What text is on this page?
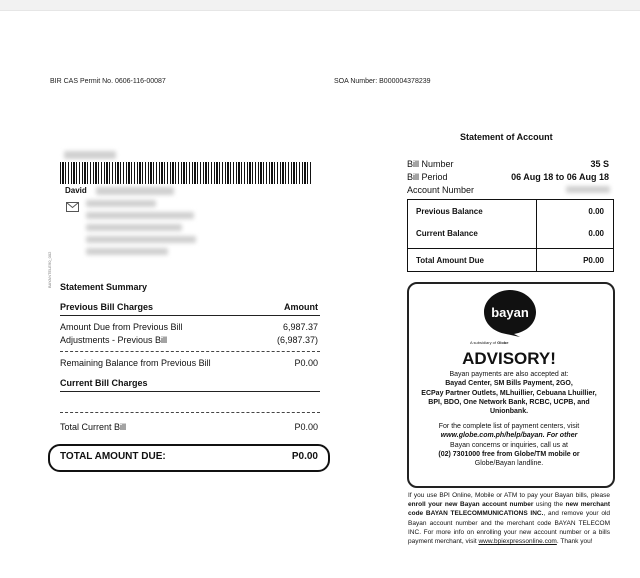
BIR CAS Permit No. 0606-116-00087	SOA Number: B000004378239
David
BAYANTELE90_002 Statement Summary
Previous Bill Charges	Amount
Amount Due from Previous Bill	6,987.37
Adjustments - Previous Bill	(6,987.37)
Remaining Balance from Previous Bill	P0.00
Current Bill Charges
Total Current Bill	P0.00
TOTAL AMOUNT DUE:	P0.00
Statement of Account
Bill Number	35 S
Bill Period	06 Aug 18 to 06 Aug 18
Account Number
Previous Balance	0.00
Current Balance	0.00
Total Amount Due	P0.00
bayan
A subsidiary of Globe
ADVISORY!
Bayan payments are also accepted at:
Bayad Center, SM Bills Payment, 2GO,
ECPay Partner Outlets, MLhuillier, Cebuana Lhuillier,
BPI, BDO, One Network Bank, RCBC, UCPB, and
Unionbank.
For the complete list of payment centers, visit
www.globe.com.ph/help/bayan. For other
Bayan concerns or inquiries, call us at
(02) 7301000 free from Globe/TM mobile or
Globe/Bayan landline.
If you use BPI Online, Mobile or ATM to pay your Bayan bills, please enroll your new Bayan account number using the new merchant code BAYAN TELECOMMUNICATIONS INC., and remove your old Bayan account number and the merchant code BAYAN TELECOM INC. For more info on enrolling your new account number or a bills payment merchant, visit www.bpiexpressonline.com. Thank you!
